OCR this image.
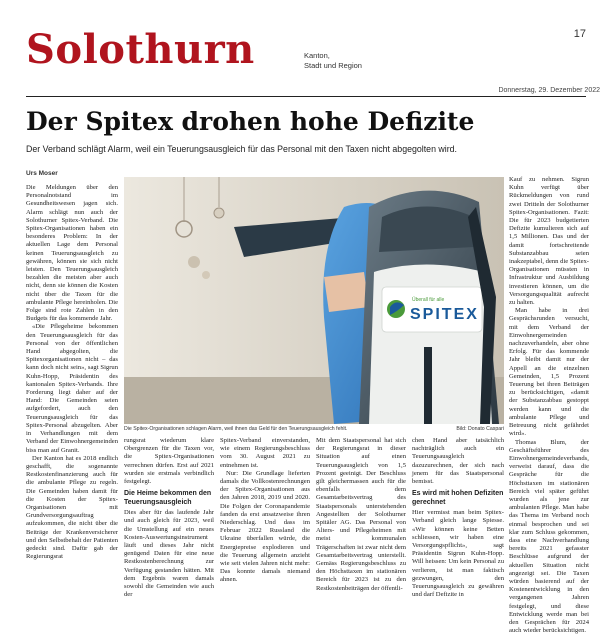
Solothurn	Kanton,
Stadt und Region
17
Donnerstag, 29. Dezember 2022
Der Spitex drohen hohe Defizite
Der Verband schlägt Alarm, weil ein Teuerungsausgleich für das Personal mit den Taxen nicht abgegolten wird.
Urs Moser

Die Meldungen über den Personalnotstand im Gesundheitswesen jagen sich. Alarm schlägt nun auch der Solothurner Spitex-Verband. Die Spitex-Organisationen haben ein besonderes Problem: In der aktuellen Lage dem Personal keinen Teuerungsausgleich zu gewähren, können sie sich nicht leisten. Den Teuerungsausgleich bezahlen die meisten aber auch nicht, denn sie können die Kosten nicht über die Taxen für die ambulante Pflege hereinholen. Die Folge sind rote Zahlen in den Budgets für das kommende Jahr.

«Die Pflegeheime bekommen den Teuerungsausgleich für das Personal von der öffentlichen Hand abgegolten, die Spitexorganisationen nicht – das kann doch nicht sein», sagt Sigrun Kuhn-Hopp, Präsidentin des kantonalen Spitex-Verbands. Ihre Forderung liegt daher auf der Hand: Die Gemeinden seien aufgefordert, auch den Teuerungsausgleich für das Spitex-Personal abzugelten. Aber in Verhandlungen mit dem Verband der Einwohnergemeinden biss man auf Granit.

Der Kanton hat es 2018 endlich geschafft, die sogenannte Restkostenfinanzierung auch für die ambulante Pflege zu regeln. Die Gemeinden haben damit für die Kosten der Spitex-Organisationen mit Grundversorgungsauftrag aufzukommen, die nicht über die Beiträge der Krankenversicherer und den Selbstbehalt der Patienten gedeckt sind. Dafür gab der Regierungsrat

Überall für alle
SPITEX
Die Spitex-Organisationen schlagen Alarm, weil ihnen das Geld für den Teuerungsausgleich fehlt.	Bild: Donato Caspari

rungsrat wiederum klare Obergrenzen für die Taxen vor, die Spitex-Organisationen verrechnen dürfen. Erst auf 2021 wurden sie erstmals verbindlich festgelegt.

Die Heime bekommen den Teuerungsausgleich

Dies aber für das laufende Jahr und auch gleich für 2023, weil die Umstellung auf ein neues Kosten-Auswertungsinstrument läuft und dieses Jahr nicht genügend Daten für eine neue Restkostenberechnung zur Verfügung gestanden hätten. Mit dem Ergebnis waren damals sowohl die Gemeinden wie auch der

Spitex-Verband einverstanden, wie einem Regierungsbeschluss vom 30. August 2021 zu entnehmen ist.

Nur: Die Grundlage lieferten damals die Vollkostenrechnungen der Spitex-Organisationen aus den Jahren 2018, 2019 und 2020. Die Folgen der Coronapandemie fanden da erst ansatzweise ihren Niederschlag. Und dass im Februar 2022 Russland die Ukraine überfallen würde, die Energiepreise explodieren und die Teuerung allgemein anzieht wie seit vielen Jahren nicht mehr: Das konnte damals niemand ahnen.

Mit dem Staatspersonal hat sich der Regierungsrat in dieser Situation auf einen Teuerungsausgleich von 1,5 Prozent geeinigt. Der Beschluss gilt gleichermassen auch für die ebenfalls dem Gesamtarbeitsvertrag des Staatspersonals unterstehenden Angestellten der Solothurner Spitäler AG. Das Personal von Alters- und Pflegeheimen mit meist kommunalen Trägerschaften ist zwar nicht dem Gesamtarbeitsvertrag unterstellt. Gemäss Regierungsbeschluss zu den Höchsttaxen im stationären Bereich für 2023 ist zu den Restkostenbeiträgen der öffentli-

chen Hand aber tatsächlich nachträglich auch ein Teuerungsausgleich dazuzurechnen, der sich nach jenem für das Staatspersonal bemisst.

Es wird mit hohen Defiziten gerechnet

Hier vermisst man beim Spitex-Verband gleich lange Spiesse. «Wir können keine Betten schliessen, wir haben eine Versorgungspflicht», sagt Präsidentin Sigrun Kuhn-Hopp. Will heissen: Um kein Personal zu verlieren, ist man faktisch gezwungen, den Teuerungsausgleich zu gewähren und darf Defizite in

Kauf zu nehmen. Sigrun Kuhn verfügt über Rückmeldungen von rund zwei Dritteln der Solothurner Spitex-Organisationen. Fazit: Die für 2023 budgetierten Defizite kumulieren sich auf 1,5 Millionen. Das und der damit fortschreitende Substanzabbau seien inakzeptabel, denn die Spitex-Organisationen müssten in Infrastruktur und Ausbildung investieren können, um die Versorgungsqualität aufrecht zu halten.

Man habe in drei Gesprächsrunden versucht, mit dem Verband der Einwohnergemeinden nachzuverhandeln, aber ohne Erfolg. Für das kommende Jahr bleibt damit nur der Appell an die einzelnen Gemeinden, 1,5 Prozent Teuerung bei ihren Beiträgen zu berücksichtigen, «damit der Substanzabbau gestoppt werden kann und die ambulante Pflege und Betreuung nicht gefährdet wird».

Thomas Blum, der Geschäftsführer des Einwohnergemeindeverbands, verweist darauf, dass die Gespräche für die Höchsttaxen im stationären Bereich viel später geführt wurden als jene zur ambulanten Pflege. Man habe das Thema im Verband noch einmal besprochen und sei klar zum Schluss gekommen, dass eine Nachverhandlung bereits 2021 gefasster Beschlüsse aufgrund der aktuellen Situation nicht angezeigt sei. Die Taxen würden basierend auf der Kostenentwicklung in den vergangenen Jahren festgelegt, und diese Entwicklung werde man bei den Gesprächen für 2024 auch wieder berücksichtigen.
